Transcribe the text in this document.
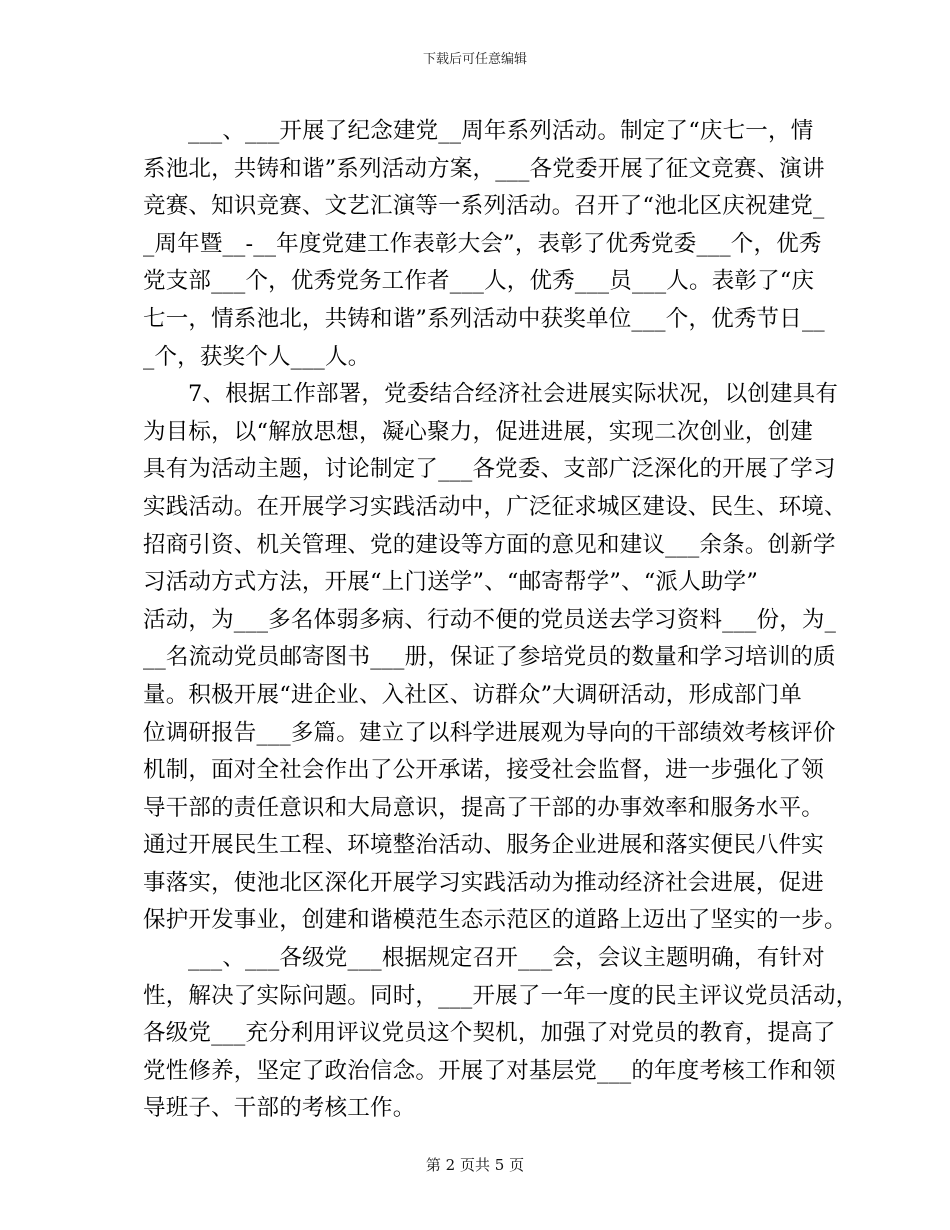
下载后可任意编辑
___、___开展了纪念建党__周年系列活动。制定了“庆七一，情
系池北，共铸和谐”系列活动方案，___各党委开展了征文竞赛、演讲
竞赛、知识竞赛、文艺汇演等一系列活动。召开了“池北区庆祝建党_
_周年暨__-__年度党建工作表彰大会”，表彰了优秀党委___个，优秀
党支部___个，优秀党务工作者___人，优秀___员___人。表彰了“庆
七一，情系池北，共铸和谐”系列活动中获奖单位___个，优秀节日__
_个，获奖个人___人。
7、根据工作部署，党委结合经济社会进展实际状况，以创建具有
为目标，以“解放思想，凝心聚力，促进进展，实现二次创业，创建
具有为活动主题，讨论制定了___各党委、支部广泛深化的开展了学习
实践活动。在开展学习实践活动中，广泛征求城区建设、民生、环境、
招商引资、机关管理、党的建设等方面的意见和建议___余条。创新学
习活动方式方法，开展“上门送学”、“邮寄帮学”、“派人助学”
活动，为___多名体弱多病、行动不便的党员送去学习资料___份，为_
__名流动党员邮寄图书___册，保证了参培党员的数量和学习培训的质
量。积极开展“进企业、入社区、访群众”大调研活动，形成部门单
位调研报告___多篇。建立了以科学进展观为导向的干部绩效考核评价
机制，面对全社会作出了公开承诺，接受社会监督，进一步强化了领
导干部的责任意识和大局意识，提高了干部的办事效率和服务水平。
通过开展民生工程、环境整治活动、服务企业进展和落实便民八件实
事落实，使池北区深化开展学习实践活动为推动经济社会进展，促进
保护开发事业，创建和谐模范生态示范区的道路上迈出了坚实的一步。
___、___各级党___根据规定召开___会，会议主题明确，有针对
性，解决了实际问题。同时，___开展了一年一度的民主评议党员活动，
各级党___充分利用评议党员这个契机，加强了对党员的教育，提高了
党性修养，坚定了政治信念。开展了对基层党___的年度考核工作和领
导班子、干部的考核工作。
第 2 页共 5 页
